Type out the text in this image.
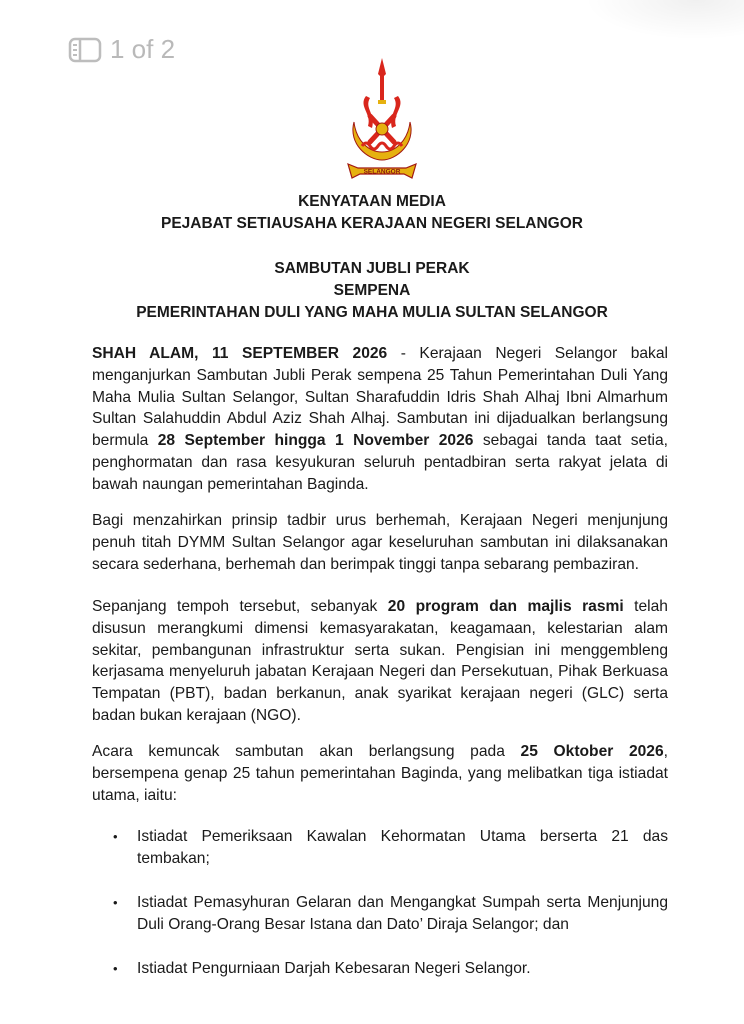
1 of 2
SELANGOR
KENYATAAN MEDIA
PEJABAT SETIAUSAHA KERAJAAN NEGERI SELANGOR
SAMBUTAN JUBLI PERAK
SEMPENA
PEMERINTAHAN DULI YANG MAHA MULIA SULTAN SELANGOR
SHAH ALAM, 11 SEPTEMBER 2026 - Kerajaan Negeri Selangor bakal menganjurkan Sambutan Jubli Perak sempena 25 Tahun Pemerintahan Duli Yang Maha Mulia Sultan Selangor, Sultan Sharafuddin Idris Shah Alhaj Ibni Almarhum Sultan Salahuddin Abdul Aziz Shah Alhaj. Sambutan ini dijadualkan berlangsung bermula 28 September hingga 1 November 2026 sebagai tanda taat setia, penghormatan dan rasa kesyukuran seluruh pentadbiran serta rakyat jelata di bawah naungan pemerintahan Baginda.
Bagi menzahirkan prinsip tadbir urus berhemah, Kerajaan Negeri menjunjung penuh titah DYMM Sultan Selangor agar keseluruhan sambutan ini dilaksanakan secara sederhana, berhemah dan berimpak tinggi tanpa sebarang pembaziran.
Sepanjang tempoh tersebut, sebanyak 20 program dan majlis rasmi telah disusun merangkumi dimensi kemasyarakatan, keagamaan, kelestarian alam sekitar, pembangunan infrastruktur serta sukan. Pengisian ini menggembleng kerjasama menyeluruh jabatan Kerajaan Negeri dan Persekutuan, Pihak Berkuasa Tempatan (PBT), badan berkanun, anak syarikat kerajaan negeri (GLC) serta badan bukan kerajaan (NGO).
Acara kemuncak sambutan akan berlangsung pada 25 Oktober 2026, bersempena genap 25 tahun pemerintahan Baginda, yang melibatkan tiga istiadat utama, iaitu:
• Istiadat Pemeriksaan Kawalan Kehormatan Utama berserta 21 das tembakan;
• Istiadat Pemasyhuran Gelaran dan Mengangkat Sumpah serta Menjunjung Duli Orang-Orang Besar Istana dan Dato’ Diraja Selangor; dan
• Istiadat Pengurniaan Darjah Kebesaran Negeri Selangor.
